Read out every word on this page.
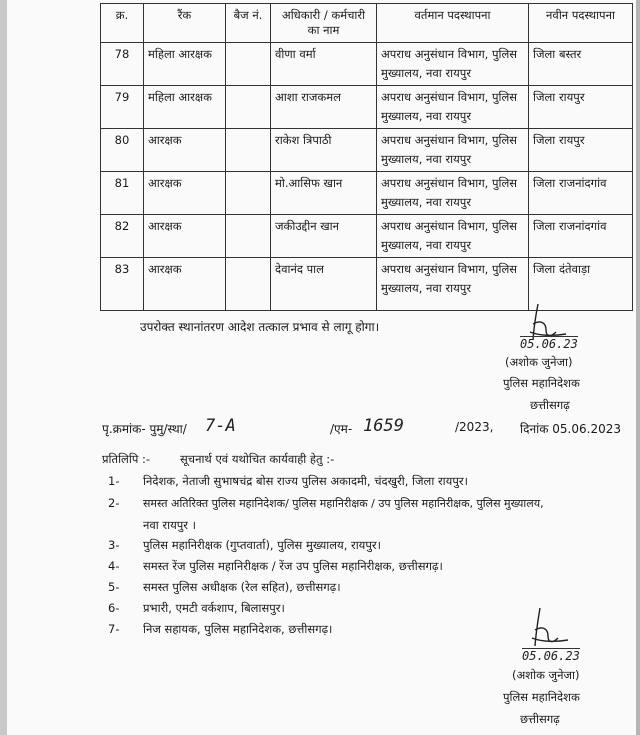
क्र.	रैंक	बैज नं.	अधिकारी / कर्मचारी का नाम	वर्तमान पदस्थापना	नवीन पदस्थापना
78	महिला आरक्षक		वीणा वर्मा	अपराध अनुसंधान विभाग, पुलिस मुख्यालय, नवा रायपुर	जिला बस्तर
79	महिला आरक्षक		आशा राजकमल	अपराध अनुसंधान विभाग, पुलिस मुख्यालय, नवा रायपुर	जिला रायपुर
80	आरक्षक		राकेश त्रिपाठी	अपराध अनुसंधान विभाग, पुलिस मुख्यालय, नवा रायपुर	जिला रायपुर
81	आरक्षक		मो.आसिफ खान	अपराध अनुसंधान विभाग, पुलिस मुख्यालय, नवा रायपुर	जिला राजनांदगांव
82	आरक्षक		जकीउद्दीन खान	अपराध अनुसंधान विभाग, पुलिस मुख्यालय, नवा रायपुर	जिला राजनांदगांव
83	आरक्षक		देवानंद पाल	अपराध अनुसंधान विभाग, पुलिस मुख्यालय, नवा रायपुर	जिला दंतेवाड़ा
उपरोक्त स्थानांतरण आदेश तत्काल प्रभाव से लागू होगा।
05.06.23
(अशोक जुनेजा)
पुलिस महानिदेशक
छत्तीसगढ़
पृ.क्रमांक- पुमु/स्था/ 7-A	/एम- 1659	/2023, दिनांक 05.06.2023
प्रतिलिपि :-	सूचनार्थ एवं यथोचित कार्यवाही हेतु :-
1- निदेशक, नेताजी सुभाषचंद्र बोस राज्य पुलिस अकादमी, चंदखुरी, जिला रायपुर।
2- समस्त अतिरिक्त पुलिस महानिदेशक/ पुलिस महानिरीक्षक / उप पुलिस महानिरीक्षक, पुलिस मुख्यालय,
नवा रायपुर ।
3- पुलिस महानिरीक्षक (गुप्तवार्ता), पुलिस मुख्यालय, रायपुर।
4- समस्त रेंज पुलिस महानिरीक्षक / रेंज उप पुलिस महानिरीक्षक, छत्तीसगढ़।
5- समस्त पुलिस अधीक्षक (रेल सहित), छत्तीसगढ़।
6- प्रभारी, एमटी वर्कशाप, बिलासपुर।
7- निज सहायक, पुलिस महानिदेशक, छत्तीसगढ़।
05.06.23
(अशोक जुनेजा)
पुलिस महानिदेशक
छत्तीसगढ़
